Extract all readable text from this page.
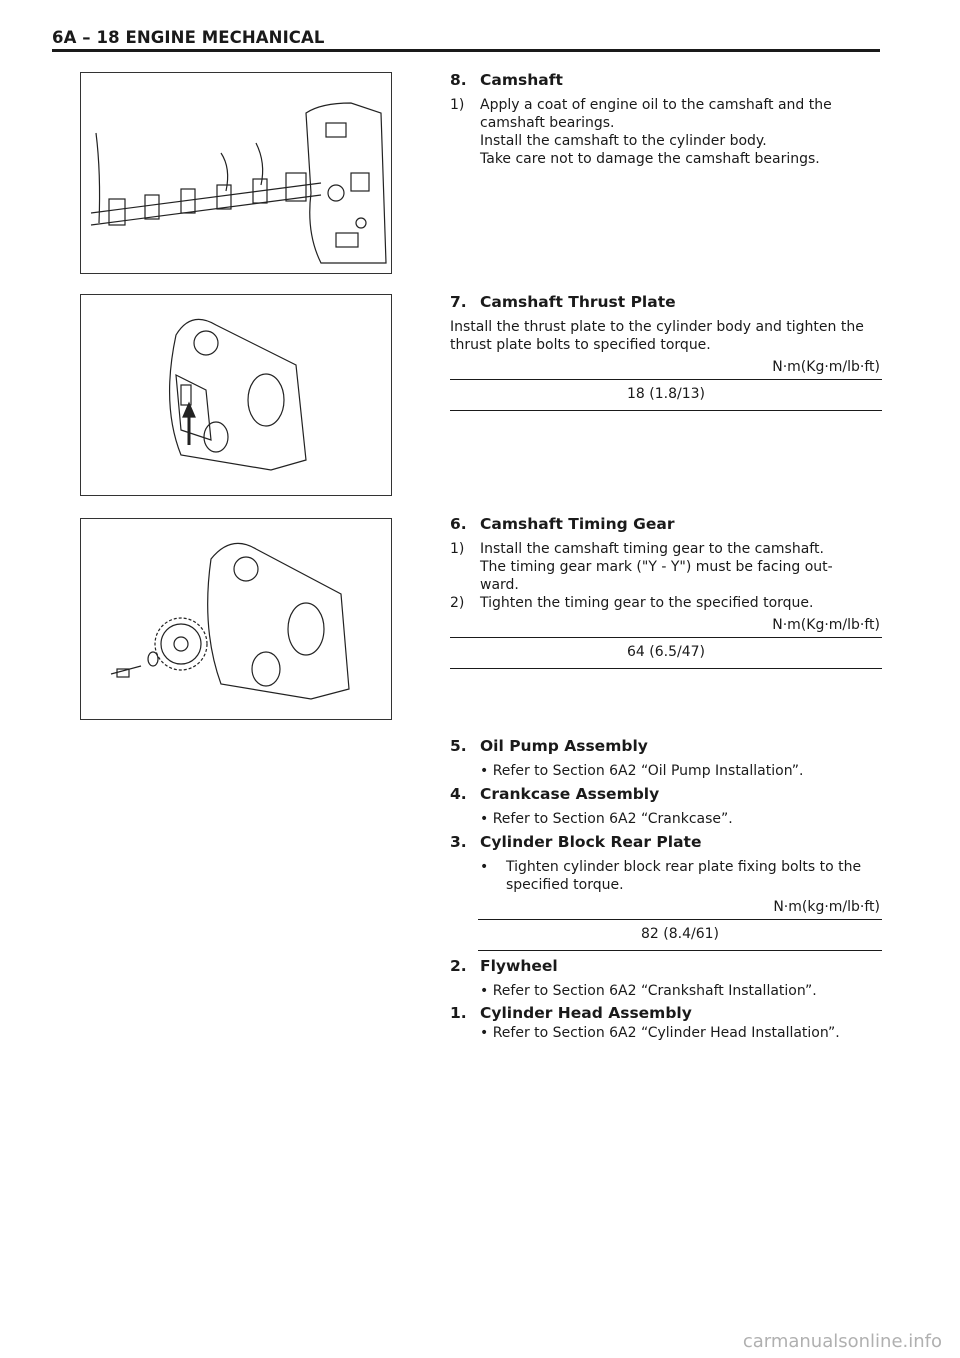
6A – 18 ENGINE MECHANICAL
8. Camshaft
1)	Apply a coat of engine oil to the camshaft and the
camshaft bearings.
Install the camshaft to the cylinder body.
Take care not to damage the camshaft bearings.
7. Camshaft Thrust Plate
Install the thrust plate to the cylinder body and tighten the
thrust plate bolts to specified torque.
N·m(Kg·m/lb·ft)
18 (1.8/13)
6. Camshaft Timing Gear
1)	Install the camshaft timing gear to the camshaft.
The timing gear mark ("Y - Y") must be facing out-
ward.
2)	Tighten the timing gear to the specified torque.
N·m(Kg·m/lb·ft)
64 (6.5/47)
5. Oil Pump Assembly
• Refer to Section 6A2 “Oil Pump Installation”.
4. Crankcase Assembly
• Refer to Section 6A2 “Crankcase”.
3. Cylinder Block Rear Plate
•	Tighten cylinder block rear plate fixing bolts to the
specified torque.
N·m(kg·m/lb·ft)
82 (8.4/61)
2. Flywheel
• Refer to Section 6A2 “Crankshaft Installation”.
1. Cylinder Head Assembly
• Refer to Section 6A2 “Cylinder Head Installation”.
carmanualsonline.info
